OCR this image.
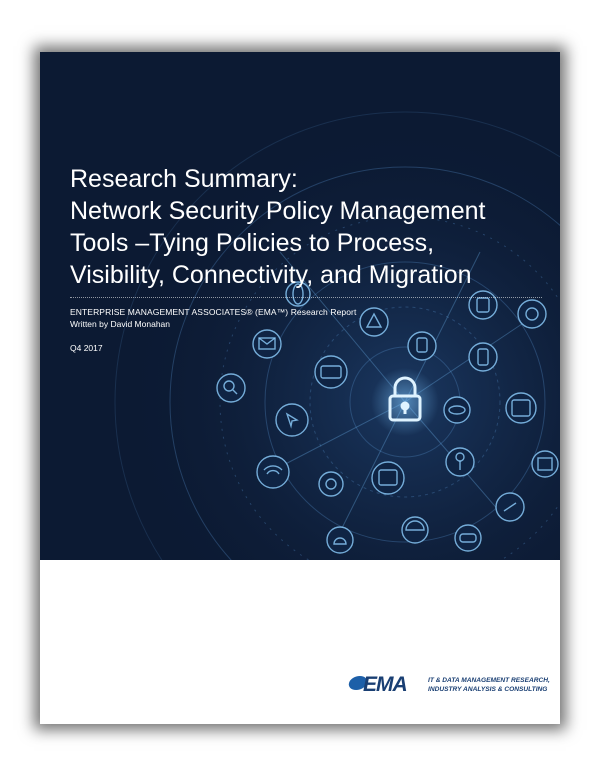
Research Summary:
Network Security Policy Management
Tools –Tying Policies to Process,
Visibility, Connectivity, and Migration
ENTERPRISE MANAGEMENT ASSOCIATES® (EMA™) Research Report
Written by David Monahan
Q4 2017
EMA	IT & DATA MANAGEMENT RESEARCH,
INDUSTRY ANALYSIS & CONSULTING
